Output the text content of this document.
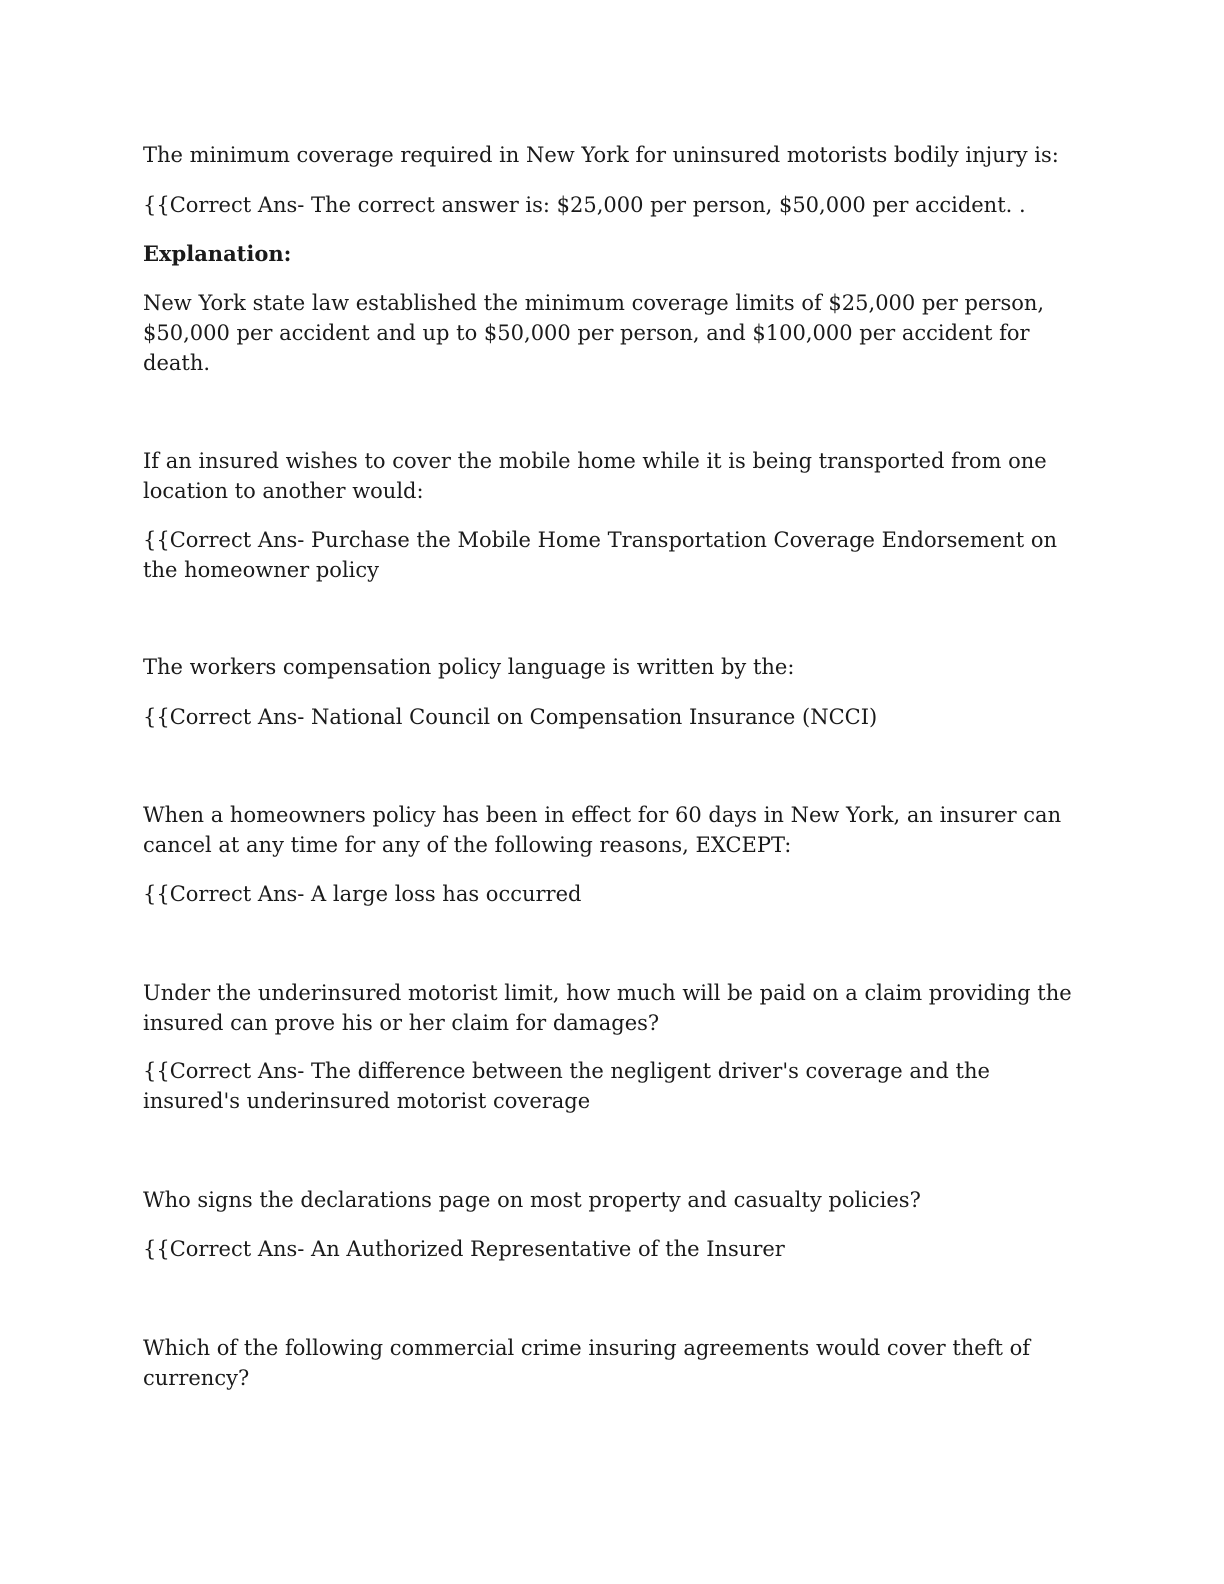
The minimum coverage required in New York for uninsured motorists bodily injury is:

{{Correct Ans- The correct answer is: $25,000 per person, $50,000 per accident. .

Explanation:

New York state law established the minimum coverage limits of $25,000 per person, $50,000 per accident and up to $50,000 per person, and $100,000 per accident for death.

If an insured wishes to cover the mobile home while it is being transported from one location to another would:

{{Correct Ans- Purchase the Mobile Home Transportation Coverage Endorsement on the homeowner policy

The workers compensation policy language is written by the:

{{Correct Ans- National Council on Compensation Insurance (NCCI)

When a homeowners policy has been in effect for 60 days in New York, an insurer can cancel at any time for any of the following reasons, EXCEPT:

{{Correct Ans- A large loss has occurred

Under the underinsured motorist limit, how much will be paid on a claim providing the insured can prove his or her claim for damages?

{{Correct Ans- The difference between the negligent driver's coverage and the insured's underinsured motorist coverage

Who signs the declarations page on most property and casualty policies?

{{Correct Ans- An Authorized Representative of the Insurer

Which of the following commercial crime insuring agreements would cover theft of currency?
